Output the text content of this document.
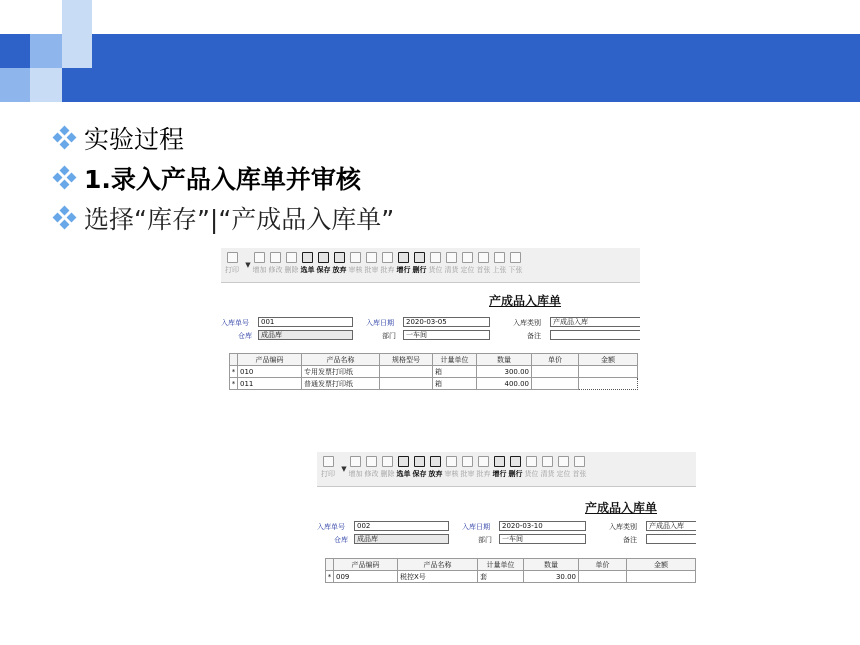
实验过程
1.录入产品入库单并审核
选择“库存”|“产成品入库单”
打印
▼
增加 修改 删除 选单 保存 放弃 审核 批审 批弃 增行 删行 货位 清货 定位 首张 上张 下张
产成品入库单
入库单号	001
仓库	成品库
入库日期	2020-03-05
部门	一车间
入库类别	产成品入库
备注
	产品编码	产品名称	规格型号	计量单位	数量	单价	金额
*	010	专用发票打印纸		箱	300.00		
*	011	普通发票打印纸		箱	400.00		
打印
▼
增加 修改 删除 选单 保存 放弃 审核 批审 批弃 增行 删行 货位 清货 定位 首张
产成品入库单
入库单号	002
仓库	成品库
入库日期	2020-03-10
部门	一车间
入库类别	产成品入库
备注
	产品编码	产品名称	计量单位	数量	单价	金额
*	009	税控X号	套	30.00		
